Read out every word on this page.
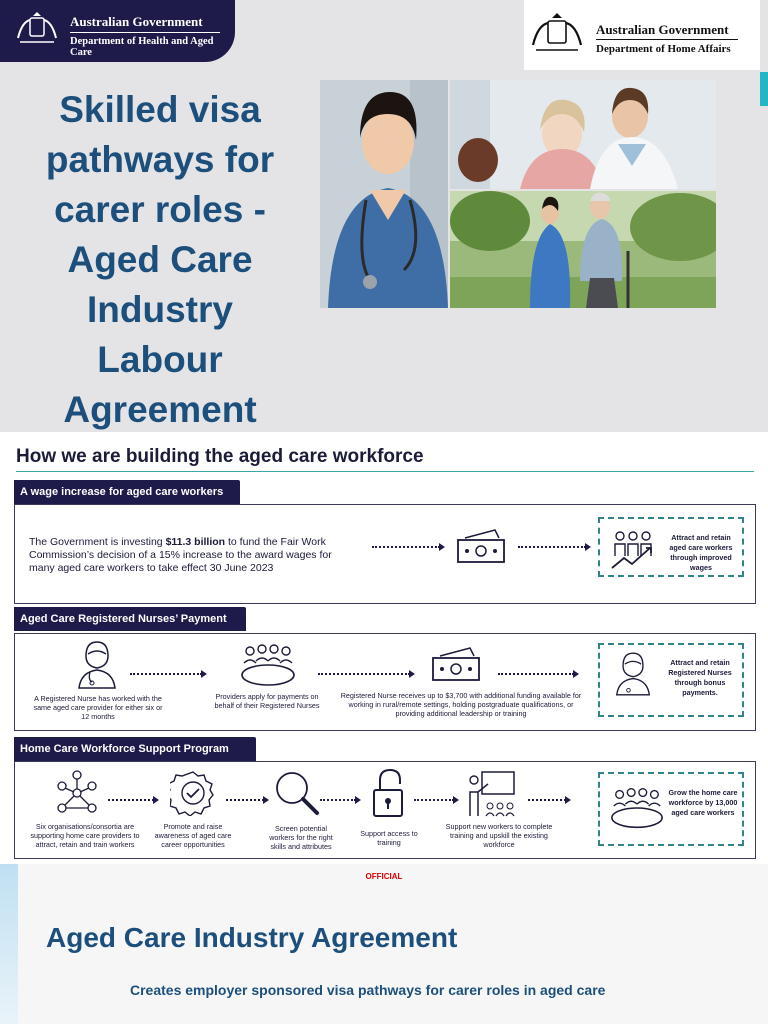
Australian Government
Department of Health and Aged Care
Australian Government
Department of Home Affairs
Skilled visa pathways for carer roles - Aged Care Industry Labour Agreement
How we are building the aged care workforce
A wage increase for aged care workers
The Government is investing $11.3 billion to fund the Fair Work Commission’s decision of a 15% increase to the award wages for many aged care workers to take effect 30 June 2023
Attract and retain aged care workers through improved wages
Aged Care Registered Nurses’ Payment
A Registered Nurse has worked with the same aged care provider for either six or 12 months
Providers apply for payments on behalf of their Registered Nurses
Registered Nurse receives up to $3,700 with additional funding available for working in rural/remote settings, holding postgraduate qualifications, or providing additional leadership or training
Attract and retain Registered Nurses through bonus payments.
Home Care Workforce Support Program
Six organisations/consortia are supporting home care providers to attract, retain and train workers
Promote and raise awareness of aged care career opportunities
Screen potential workers for the right skills and attributes
Support access to training
Support new workers to complete training and upskill the existing workforce
Grow the home care workforce by 13,000 aged care workers
OFFICIAL
Aged Care Industry Agreement
Creates employer sponsored visa pathways for carer roles in aged care
